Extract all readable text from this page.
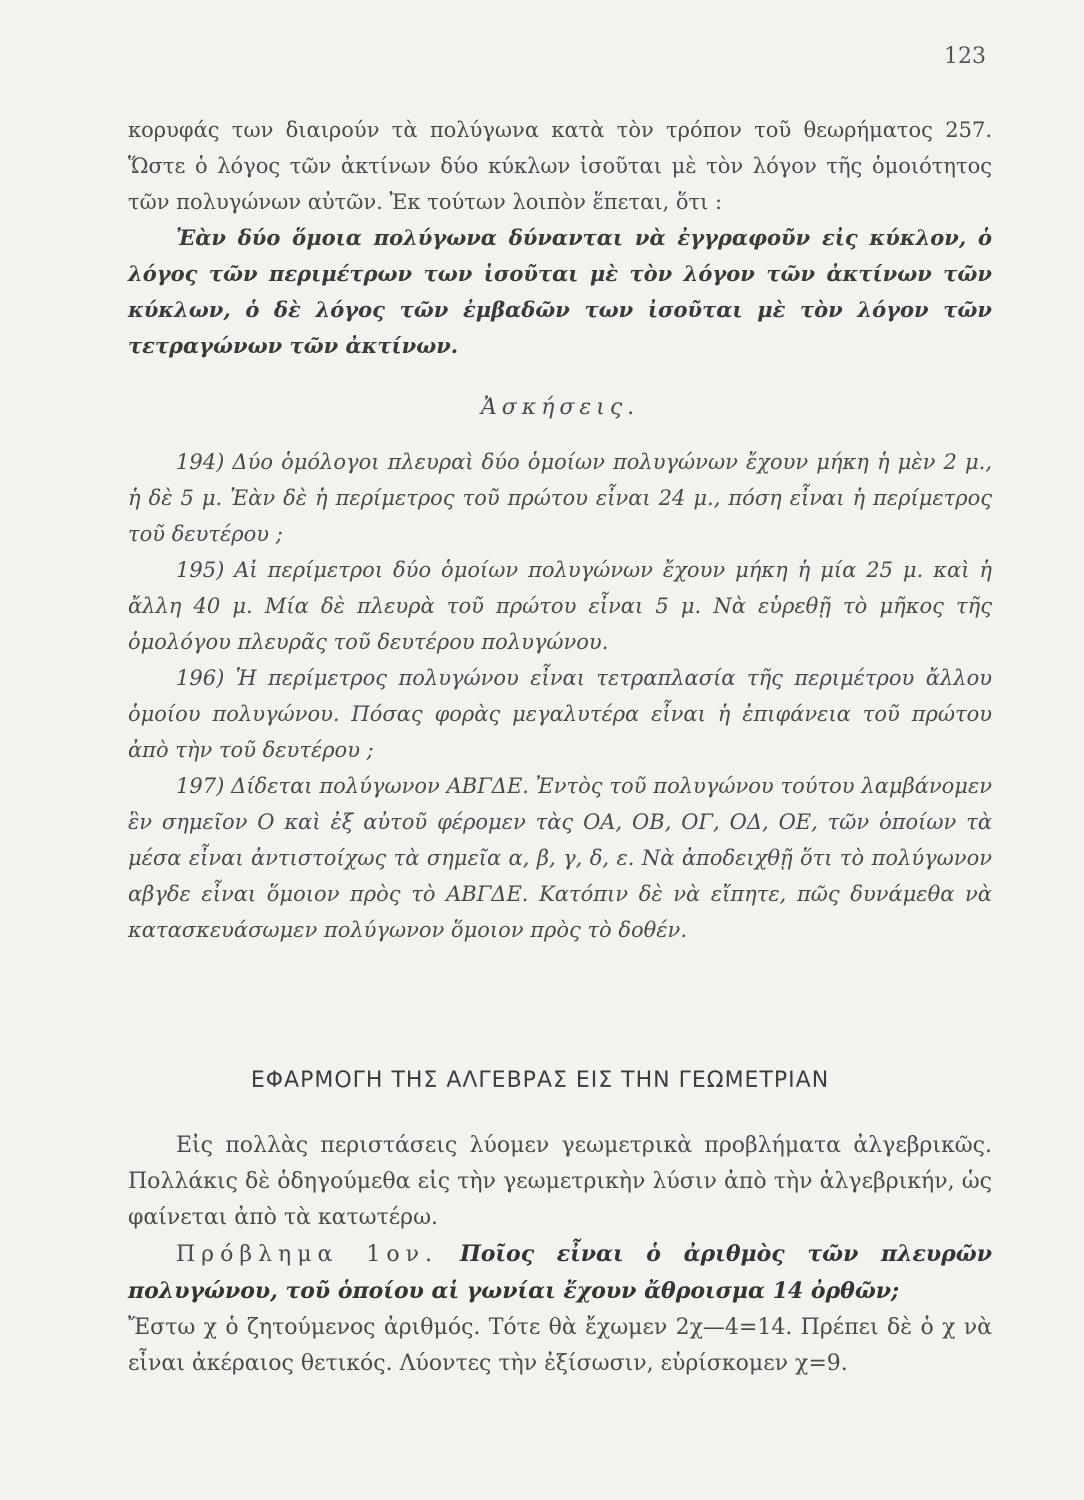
123

κορυφάς των διαιρούν τὰ πολύγωνα κατὰ τὸν τρόπον τοῦ θεωρήματος 257. Ὥστε ὁ λόγος τῶν ἀκτίνων δύο κύκλων ἰσοῦται μὲ τὸν λόγον τῆς ὁμοιότητος τῶν πολυγώνων αὐτῶν. Ἐκ τούτων λοιπὸν ἕπεται, ὅτι :

Ἐὰν δύο ὅμοια πολύγωνα δύνανται νὰ ἐγγραφοῦν εἰς κύκλον, ὁ λόγος τῶν περιμέτρων των ἰσοῦται μὲ τὸν λόγον τῶν ἀκτίνων τῶν κύκλων, ὁ δὲ λόγος τῶν ἐμβαδῶν των ἰσοῦται μὲ τὸν λόγον τῶν τετραγώνων τῶν ἀκτίνων.

Ἀσκήσεις.

194) Δύο ὁμόλογοι πλευραὶ δύο ὁμοίων πολυγώνων ἔχουν μήκη ἡ μὲν 2 μ., ἡ δὲ 5 μ. Ἐὰν δὲ ἡ περίμετρος τοῦ πρώτου εἶναι 24 μ., πόση εἶναι ἡ περίμετρος τοῦ δευτέρου ;

195) Αἱ περίμετροι δύο ὁμοίων πολυγώνων ἔχουν μήκη ἡ μία 25 μ. καὶ ἡ ἄλλη 40 μ. Μία δὲ πλευρὰ τοῦ πρώτου εἶναι 5 μ. Νὰ εὑρεθῇ τὸ μῆκος τῆς ὁμολόγου πλευρᾶς τοῦ δευτέρου πολυγώνου.

196) Ἡ περίμετρος πολυγώνου εἶναι τετραπλασία τῆς περιμέτρου ἄλλου ὁμοίου πολυγώνου. Πόσας φορὰς μεγαλυτέρα εἶναι ἡ ἐπιφάνεια τοῦ πρώτου ἀπὸ τὴν τοῦ δευτέρου ;

197) Δίδεται πολύγωνον ΑΒΓΔΕ. Ἐντὸς τοῦ πολυγώνου τούτου λαμβάνομεν ἓν σημεῖον Ο καὶ ἐξ αὐτοῦ φέρομεν τὰς ΟΑ, ΟΒ, ΟΓ, ΟΔ, ΟΕ, τῶν ὁποίων τὰ μέσα εἶναι ἀντιστοίχως τὰ σημεῖα α, β, γ, δ, ε. Νὰ ἀποδειχθῇ ὅτι τὸ πολύγωνον αβγδε εἶναι ὅμοιον πρὸς τὸ ΑΒΓΔΕ. Κατόπιν δὲ νὰ εἴπητε, πῶς δυνάμεθα νὰ κατασκευάσωμεν πολύγωνον ὅμοιον πρὸς τὸ δοθέν.

ΕΦΑΡΜΟΓΗ ΤΗΣ ΑΛΓΕΒΡΑΣ ΕΙΣ ΤΗΝ ΓΕΩΜΕΤΡΙΑΝ

Εἰς πολλὰς περιστάσεις λύομεν γεωμετρικὰ προβλήματα ἀλγεβρικῶς. Πολλάκις δὲ ὁδηγούμεθα εἰς τὴν γεωμετρικὴν λύσιν ἀπὸ τὴν ἀλγεβρικήν, ὡς φαίνεται ἀπὸ τὰ κατωτέρω.

Πρόβλημα 1ον. Ποῖος εἶναι ὁ ἀριθμὸς τῶν πλευρῶν πολυγώνου, τοῦ ὁποίου αἱ γωνίαι ἔχουν ἄθροισμα 14 ὀρθῶν;

Ἔστω χ ὁ ζητούμενος ἀριθμός. Τότε θὰ ἔχωμεν 2χ—4=14. Πρέπει δὲ ὁ χ νὰ εἶναι ἀκέραιος θετικός. Λύοντες τὴν ἐξίσωσιν, εὑρίσκομεν χ=9.
